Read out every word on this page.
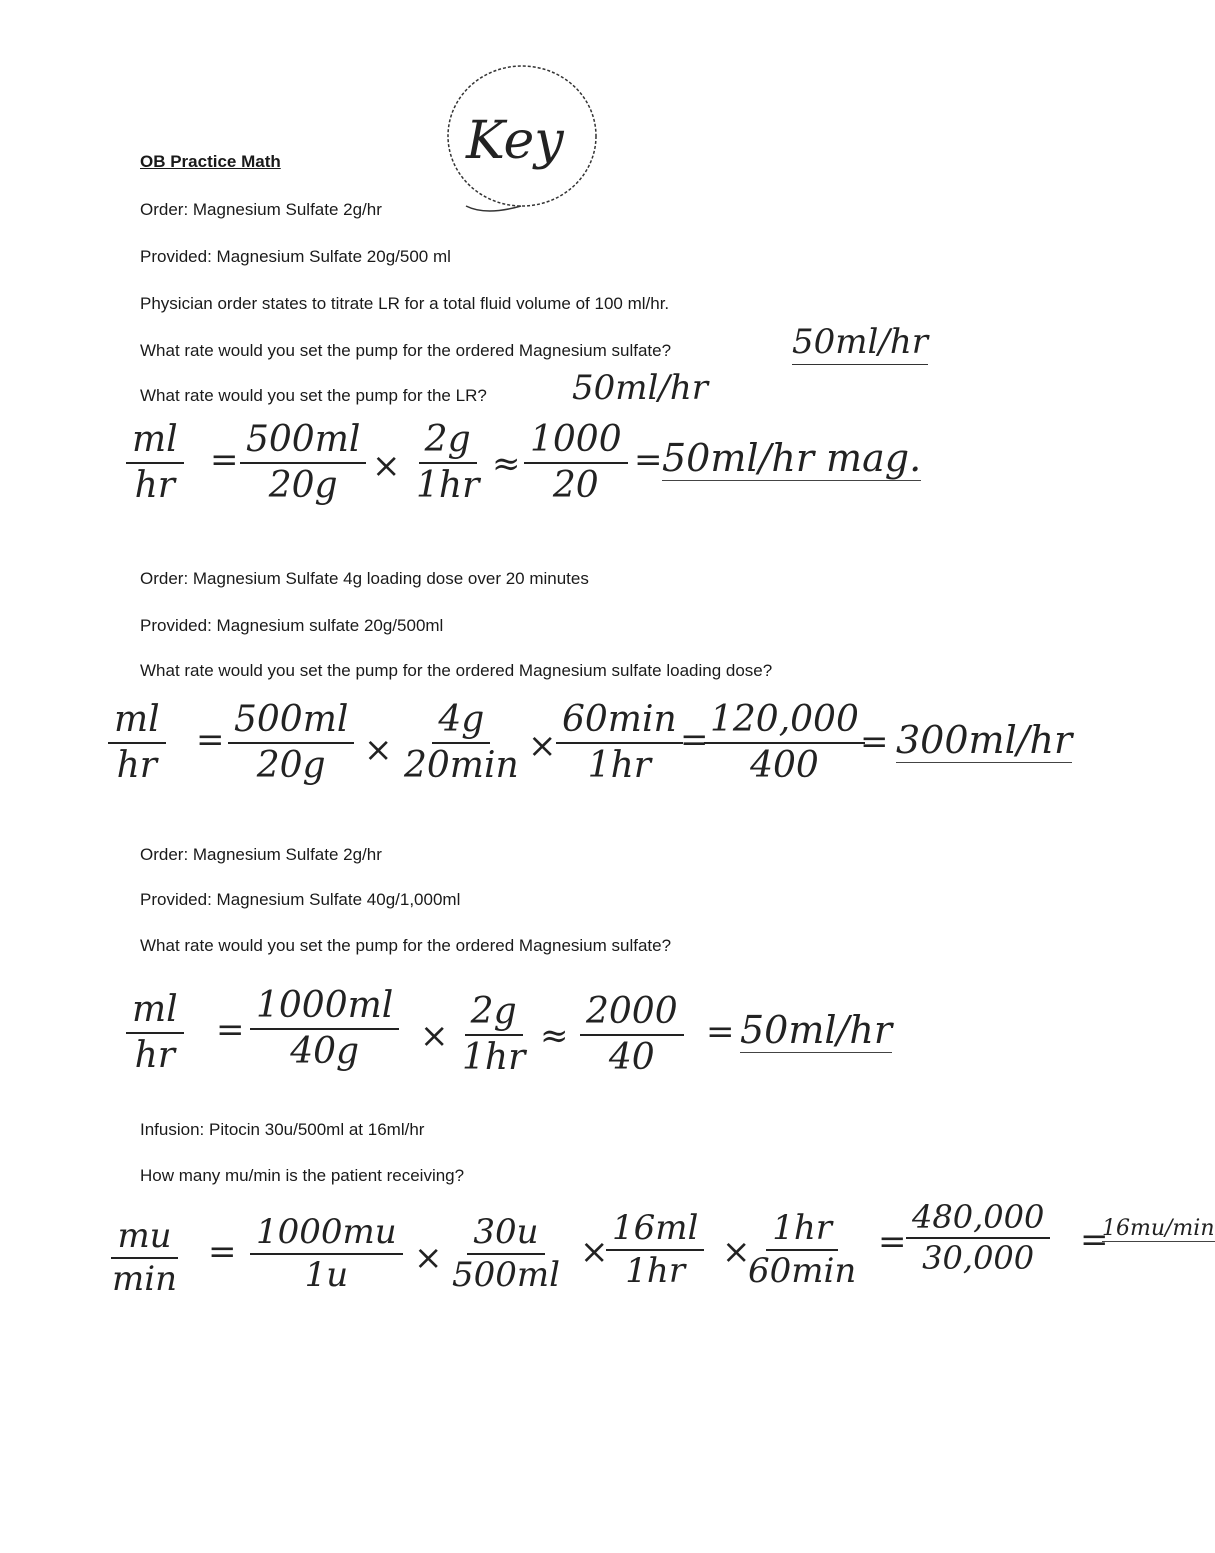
Key
OB Practice Math
Order: Magnesium Sulfate 2g/hr
Provided: Magnesium Sulfate 20g/500 ml
Physician order states to titrate LR for a total fluid volume of 100 ml/hr.
What rate would you set the pump for the ordered Magnesium sulfate?	50ml/hr
What rate would you set the pump for the LR?	50ml/hr
$\frac{ml}{hr} = \frac{500ml}{20g} \times \frac{2g}{1hr} \approx \frac{1000}{20} = 50ml/hr$ mag.
Order: Magnesium Sulfate 4g loading dose over 20 minutes
Provided: Magnesium sulfate 20g/500ml
What rate would you set the pump for the ordered Magnesium sulfate loading dose?
$\frac{ml}{hr} = \frac{500ml}{20g}$ ×
4g
20min ×
60min
1hr
=
$\frac{120,000}{400}$
= 300ml/hr
Order: Magnesium Sulfate 2g/hr
Provided: Magnesium Sulfate 40g/1,000ml
What rate would you set the pump for the ordered Magnesium sulfate?
$\frac{ml}{hr} = \frac{1000ml}{40g} \times \frac{2g}{1hr} \approx \frac{2000}{40} = 50ml/hr$
Infusion: Pitocin 30u/500ml at 16ml/hr
How many mu/min is the patient receiving?
mu
min
= $\frac{1000mu}{1u} \times \frac{30u}{500ml}$ ×
$\frac{16ml}{1hr}$ ×
1hr
60min
= $\frac{480,000}{30,000}$ =
16mu/min
